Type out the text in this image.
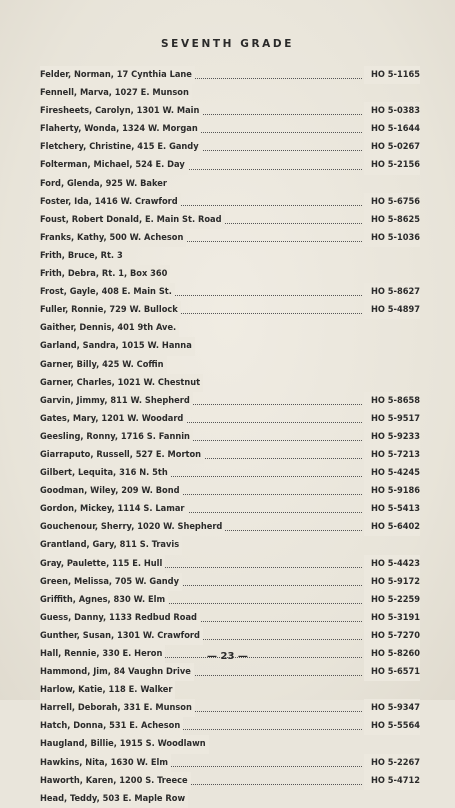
SEVENTH GRADE
Felder, Norman, 17 Cynthia Lane	HO 5-1165
Fennell, Marva, 1027 E. Munson
Firesheets, Carolyn, 1301 W. Main	HO 5-0383
Flaherty, Wonda, 1324 W. Morgan	HO 5-1644
Fletchery, Christine, 415 E. Gandy	HO 5-0267
Folterman, Michael, 524 E. Day	HO 5-2156
Ford, Glenda, 925 W. Baker
Foster, Ida, 1416 W. Crawford	HO 5-6756
Foust, Robert Donald, E. Main St. Road	HO 5-8625
Franks, Kathy, 500 W. Acheson	HO 5-1036
Frith, Bruce, Rt. 3
Frith, Debra, Rt. 1, Box 360
Frost, Gayle, 408 E. Main St.	HO 5-8627
Fuller, Ronnie, 729 W. Bullock	HO 5-4897
Gaither, Dennis, 401 9th Ave.
Garland, Sandra, 1015 W. Hanna
Garner, Billy, 425 W. Coffin
Garner, Charles, 1021 W. Chestnut
Garvin, Jimmy, 811 W. Shepherd	HO 5-8658
Gates, Mary, 1201 W. Woodard	HO 5-9517
Geesling, Ronny, 1716 S. Fannin	HO 5-9233
Giarraputo, Russell, 527 E. Morton	HO 5-7213
Gilbert, Lequita, 316 N. 5th	HO 5-4245
Goodman, Wiley, 209 W. Bond	HO 5-9186
Gordon, Mickey, 1114 S. Lamar	HO 5-5413
Gouchenour, Sherry, 1020 W. Shepherd	HO 5-6402
Grantland, Gary, 811 S. Travis
Gray, Paulette, 115 E. Hull	HO 5-4423
Green, Melissa, 705 W. Gandy	HO 5-9172
Griffith, Agnes, 830 W. Elm	HO 5-2259
Guess, Danny, 1133 Redbud Road	HO 5-3191
Gunther, Susan, 1301 W. Crawford	HO 5-7270
Hall, Rennie, 330 E. Heron	HO 5-8260
Hammond, Jim, 84 Vaughn Drive	HO 5-6571
Harlow, Katie, 118 E. Walker
Harrell, Deborah, 331 E. Munson	HO 5-9347
Hatch, Donna, 531 E. Acheson	HO 5-5564
Haugland, Billie, 1915 S. Woodlawn
Hawkins, Nita, 1630 W. Elm	HO 5-2267
Haworth, Karen, 1200 S. Treece	HO 5-4712
Head, Teddy, 503 E. Maple Row
— 23 —
